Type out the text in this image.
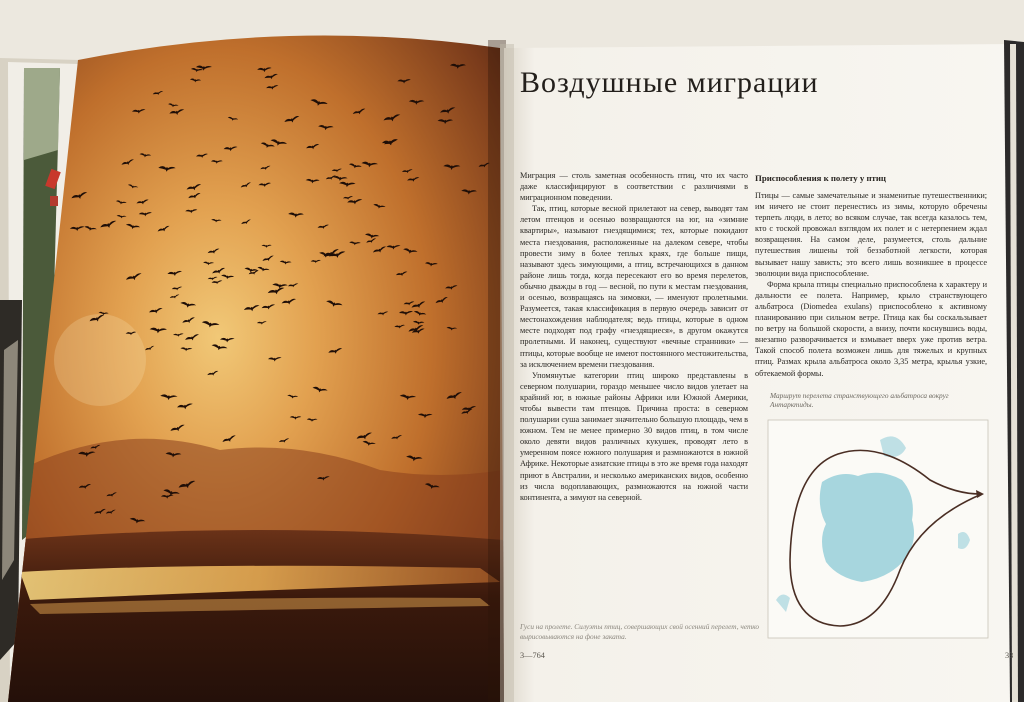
Воздушные миграции

Миграция — столь заметная особенность птиц, что их часто даже классифицируют в соответствии с различиями в миграционном поведении.

Так, птиц, которые весной прилетают на север, выводят там летом птенцов и осенью возвращаются на юг, на «зимние квартиры», называют гнездящимися; тех, которые покидают места гнездования, расположенные на далеком севере, чтобы провести зиму в более теплых краях, где больше пищи, называют здесь зимующими, а птиц, встречающихся в данном районе лишь тогда, когда пересекают его во время перелетов, обычно дважды в год — весной, по пути к местам гнездования, и осенью, возвращаясь на зимовки, — именуют пролетными. Разумеется, такая классификация в первую очередь зависит от местонахождения наблюдателя; ведь птицы, которые в одном месте подходят под графу «гнездящиеся», в другом окажутся пролетными. И наконец, существуют «вечные странники» — птицы, которые вообще не имеют постоянного местожительства, за исключением времени гнездования.

Упомянутые категории птиц широко представлены в северном полушарии, гораздо меньшее число видов улетает на крайний юг, в южные районы Африки или Южной Америки, чтобы вывести там птенцов. Причина проста: в северном полушарии суша занимает значительно большую площадь, чем в южном. Тем не менее примерно 30 видов птиц, в том числе около девяти видов различных кукушек, проводят лето в умеренном поясе южного полушария и размножаются в южной Африке. Некоторые азиатские птицы в это же время года находят приют в Австралии, и несколько американских видов, особенно из числа водоплавающих, размножаются на южной части континента, а зимуют на северной.

Приспособления к полету у птиц

Птицы — самые замечательные и знаменитые путешественники; им ничего не стоит перенестись из зимы, которую обречены терпеть люди, в лето; во всяком случае, так всегда казалось тем, кто с тоской провожал взглядом их полет и с нетерпением ждал возвращения. На самом деле, разумеется, столь дальние путешествия лишены той беззаботной легкости, которая вызывает нашу зависть; это всего лишь возникшее в процессе эволюции вида приспособление.

Форма крыла птицы специально приспособлена к характеру и дальности ее полета. Например, крыло странствующего альбатроса (Diomedea exulans) приспособлено к активному планированию при сильном ветре. Птица как бы соскальзывает по ветру на большой скорости, а внизу, почти коснувшись воды, внезапно разворачивается и взмывает вверх уже против ветра. Такой способ полета возможен лишь для тяжелых и крупных птиц. Размах крыла альбатроса около 3,35 метра, крылья узкие, обтекаемой формы.

Маршрут перелета странствующего альбатроса вокруг Антарктиды.
Гуси на пролете. Силуэты птиц, совершающих свой осенний перелет, четко вырисовываются на фоне заката.
3—764	33
